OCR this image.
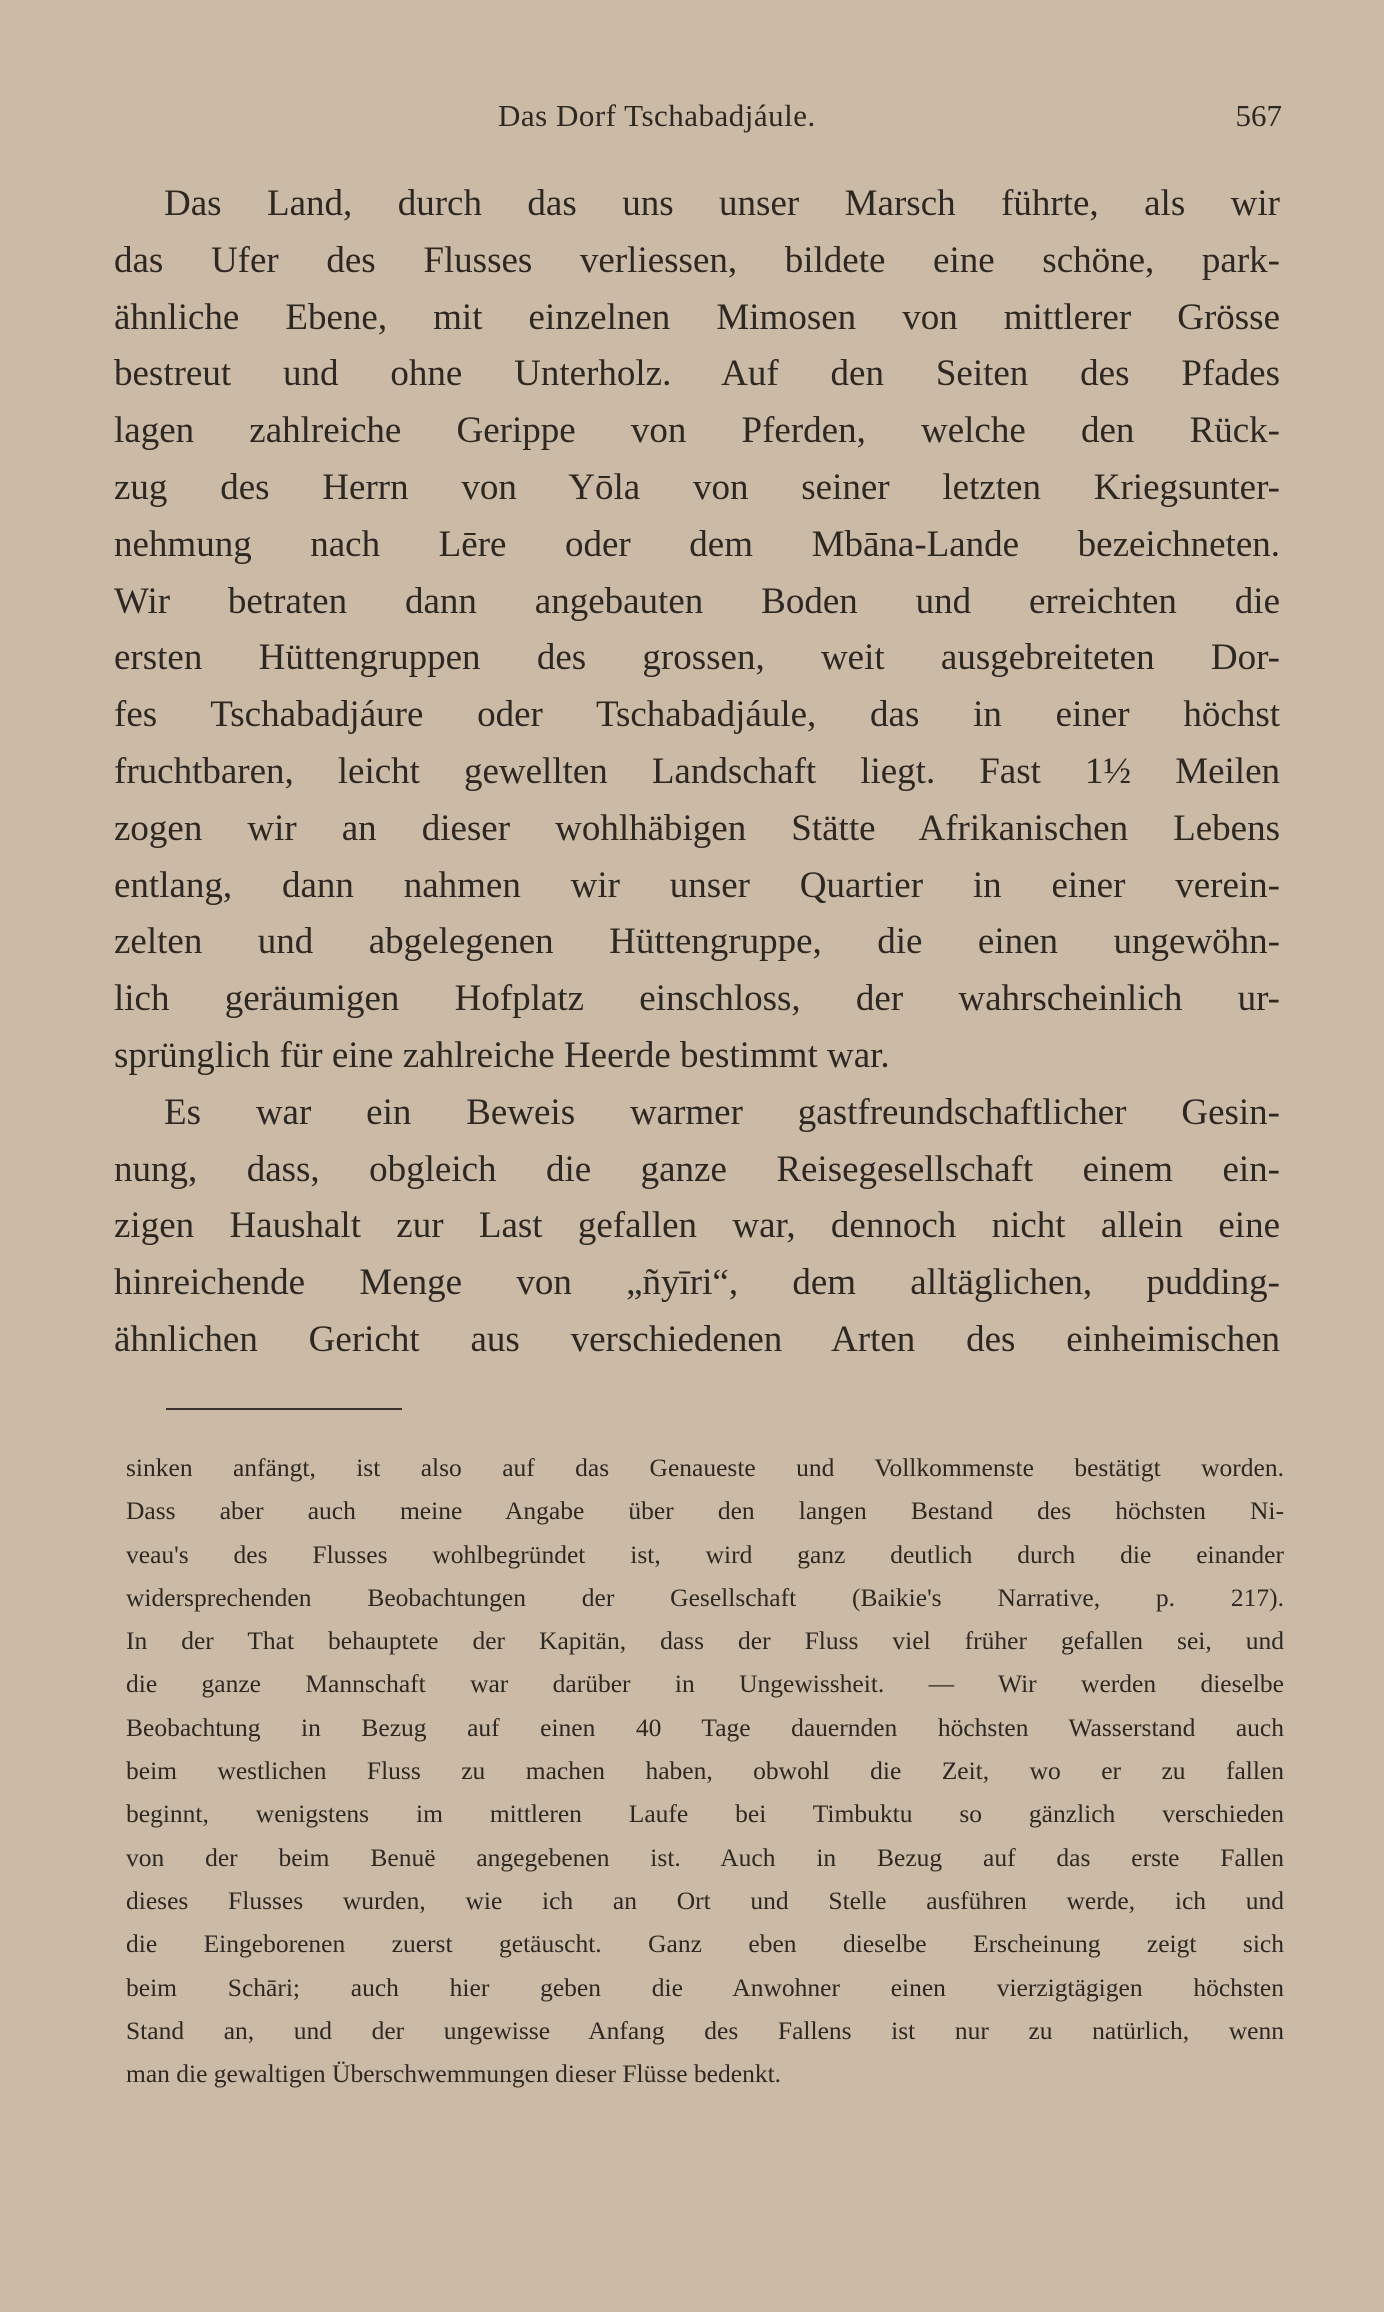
Das Dorf Tschabadjáule.	567
Das Land, durch das uns unser Marsch führte, als wir
das Ufer des Flusses verliessen, bildete eine schöne, park-
ähnliche Ebene, mit einzelnen Mimosen von mittlerer Grösse
bestreut und ohne Unterholz. Auf den Seiten des Pfades
lagen zahlreiche Gerippe von Pferden, welche den Rück-
zug des Herrn von Yōla von seiner letzten Kriegsunter-
nehmung nach Lēre oder dem Mbāna-Lande bezeichneten.
Wir betraten dann angebauten Boden und erreichten die
ersten Hüttengruppen des grossen, weit ausgebreiteten Dor-
fes Tschabadjáure oder Tschabadjáule, das in einer höchst
fruchtbaren, leicht gewellten Landschaft liegt. Fast 1½ Meilen
zogen wir an dieser wohlhäbigen Stätte Afrikanischen Lebens
entlang, dann nahmen wir unser Quartier in einer verein-
zelten und abgelegenen Hüttengruppe, die einen ungewöhn-
lich geräumigen Hofplatz einschloss, der wahrscheinlich ur-
sprünglich für eine zahlreiche Heerde bestimmt war.
Es war ein Beweis warmer gastfreundschaftlicher Gesin-
nung, dass, obgleich die ganze Reisegesellschaft einem ein-
zigen Haushalt zur Last gefallen war, dennoch nicht allein eine
hinreichende Menge von „ñyīri“, dem alltäglichen, pudding-
ähnlichen Gericht aus verschiedenen Arten des einheimischen
sinken anfängt, ist also auf das Genaueste und Vollkommenste bestätigt worden.
Dass aber auch meine Angabe über den langen Bestand des höchsten Ni-
veau's des Flusses wohlbegründet ist, wird ganz deutlich durch die einander
widersprechenden Beobachtungen der Gesellschaft (Baikie's Narrative, p. 217).
In der That behauptete der Kapitän, dass der Fluss viel früher gefallen sei, und
die ganze Mannschaft war darüber in Ungewissheit. — Wir werden dieselbe
Beobachtung in Bezug auf einen 40 Tage dauernden höchsten Wasserstand auch
beim westlichen Fluss zu machen haben, obwohl die Zeit, wo er zu fallen
beginnt, wenigstens im mittleren Laufe bei Timbuktu so gänzlich verschieden
von der beim Benuë angegebenen ist. Auch in Bezug auf das erste Fallen
dieses Flusses wurden, wie ich an Ort und Stelle ausführen werde, ich und
die Eingeborenen zuerst getäuscht. Ganz eben dieselbe Erscheinung zeigt sich
beim Schāri; auch hier geben die Anwohner einen vierzigtägigen höchsten
Stand an, und der ungewisse Anfang des Fallens ist nur zu natürlich, wenn
man die gewaltigen Überschwemmungen dieser Flüsse bedenkt.
